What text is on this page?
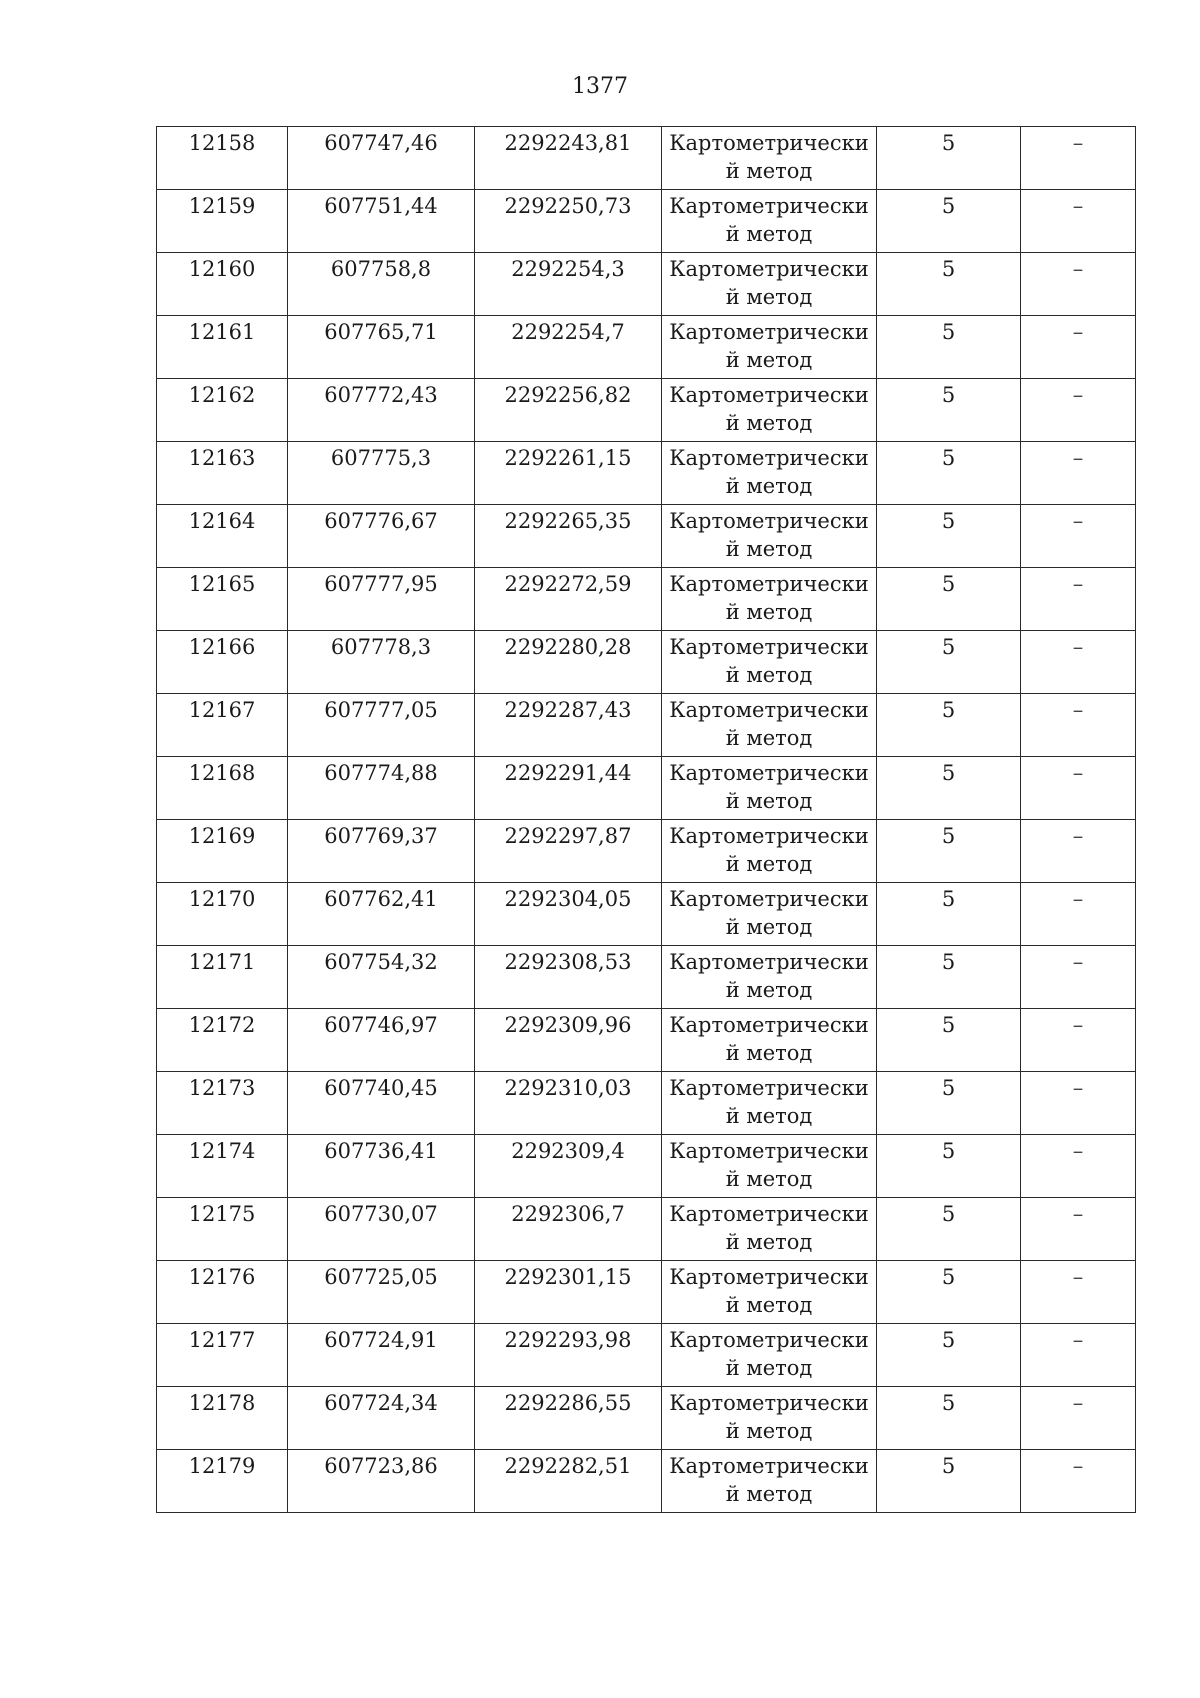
1377
12158	607747,46	2292243,81	Картометрически й метод	5	–
12159	607751,44	2292250,73	Картометрически й метод	5	–
12160	607758,8	2292254,3	Картометрически й метод	5	–
12161	607765,71	2292254,7	Картометрически й метод	5	–
12162	607772,43	2292256,82	Картометрически й метод	5	–
12163	607775,3	2292261,15	Картометрически й метод	5	–
12164	607776,67	2292265,35	Картометрически й метод	5	–
12165	607777,95	2292272,59	Картометрически й метод	5	–
12166	607778,3	2292280,28	Картометрически й метод	5	–
12167	607777,05	2292287,43	Картометрически й метод	5	–
12168	607774,88	2292291,44	Картометрически й метод	5	–
12169	607769,37	2292297,87	Картометрически й метод	5	–
12170	607762,41	2292304,05	Картометрически й метод	5	–
12171	607754,32	2292308,53	Картометрически й метод	5	–
12172	607746,97	2292309,96	Картометрически й метод	5	–
12173	607740,45	2292310,03	Картометрически й метод	5	–
12174	607736,41	2292309,4	Картометрически й метод	5	–
12175	607730,07	2292306,7	Картометрически й метод	5	–
12176	607725,05	2292301,15	Картометрически й метод	5	–
12177	607724,91	2292293,98	Картометрически й метод	5	–
12178	607724,34	2292286,55	Картометрически й метод	5	–
12179	607723,86	2292282,51	Картометрически й метод	5	–
